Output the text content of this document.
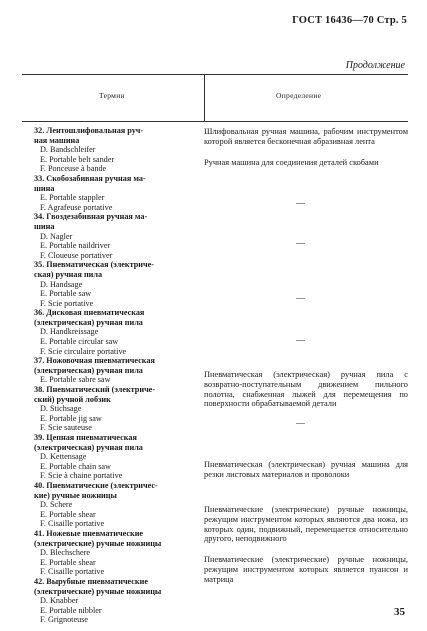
ГОСТ 16436—70 Стр. 5
Продолжение
Термин	Определение
32. Лентошлифовальная руч-
ная машина
D. Bandschleifer
E. Portable belt sander
F. Ponceuse à bande
33. Скобозабивная ручная ма-
шина
E. Portable stappler
F. Agrafeuse portative
34. Гвоздезабивная ручная ма-
шина
D. Nagler
E. Portable naildriver
F. Cloueuse portativer
35. Пневматическая (электриче-
ская) ручная пила
D. Handsage
E. Portable saw
F. Scie portative
36. Дисковая пневматическая
(электрическая) ручная пила
D. Handkreissage
E. Portable circular saw
F. Scie circulaire portative
37. Ножовочная пневматическая
(электрическая) ручная пила
E. Portable sabre saw
38. Пневматический (электриче-
ский) ручной лобзик
D. Stichsage
E. Portable jig saw
F. Scie sauteuse
39. Цепная пневматическая
(электрическая) ручная пила
D. Kettensage
E. Portable chain saw
F. Scie à chaine portative
40. Пневматические (электричес-
кие) ручные ножницы
D. Schere
E. Portable shear
F. Cisaille portative
41. Ножевые пневматические
(электрические) ручные ножницы
D. Blechschere
E. Portable shear
F. Cisaille portative
42. Вырубные пневматические
(электрические) ручные ножницы
D. Knabber
E. Portable nibbler
F. Grignoteuse
Шлифовальная ручная машина, рабочим инструментом которой является бесконечная абразивная лента
Ручная машина для соединения деталей скобами
—
—
—
—
Пневматическая (электрическая) ручная пила с возвратно-поступательным движением пильного полотна, снабженная лыжей для перемещения по поверхности обрабатываемой детали
—
Пневматическая (электрическая) ручная машина для резки листовых материалов и проволоки
Пневматические (электрические) ручные ножницы, режущим инструментом которых являются два ножа, из которых один, подвижный, перемещается относительно другого, неподвижного
Пневматические (электрические) ручные ножницы, режущим инструментом которых является пуансон и матрица
35
